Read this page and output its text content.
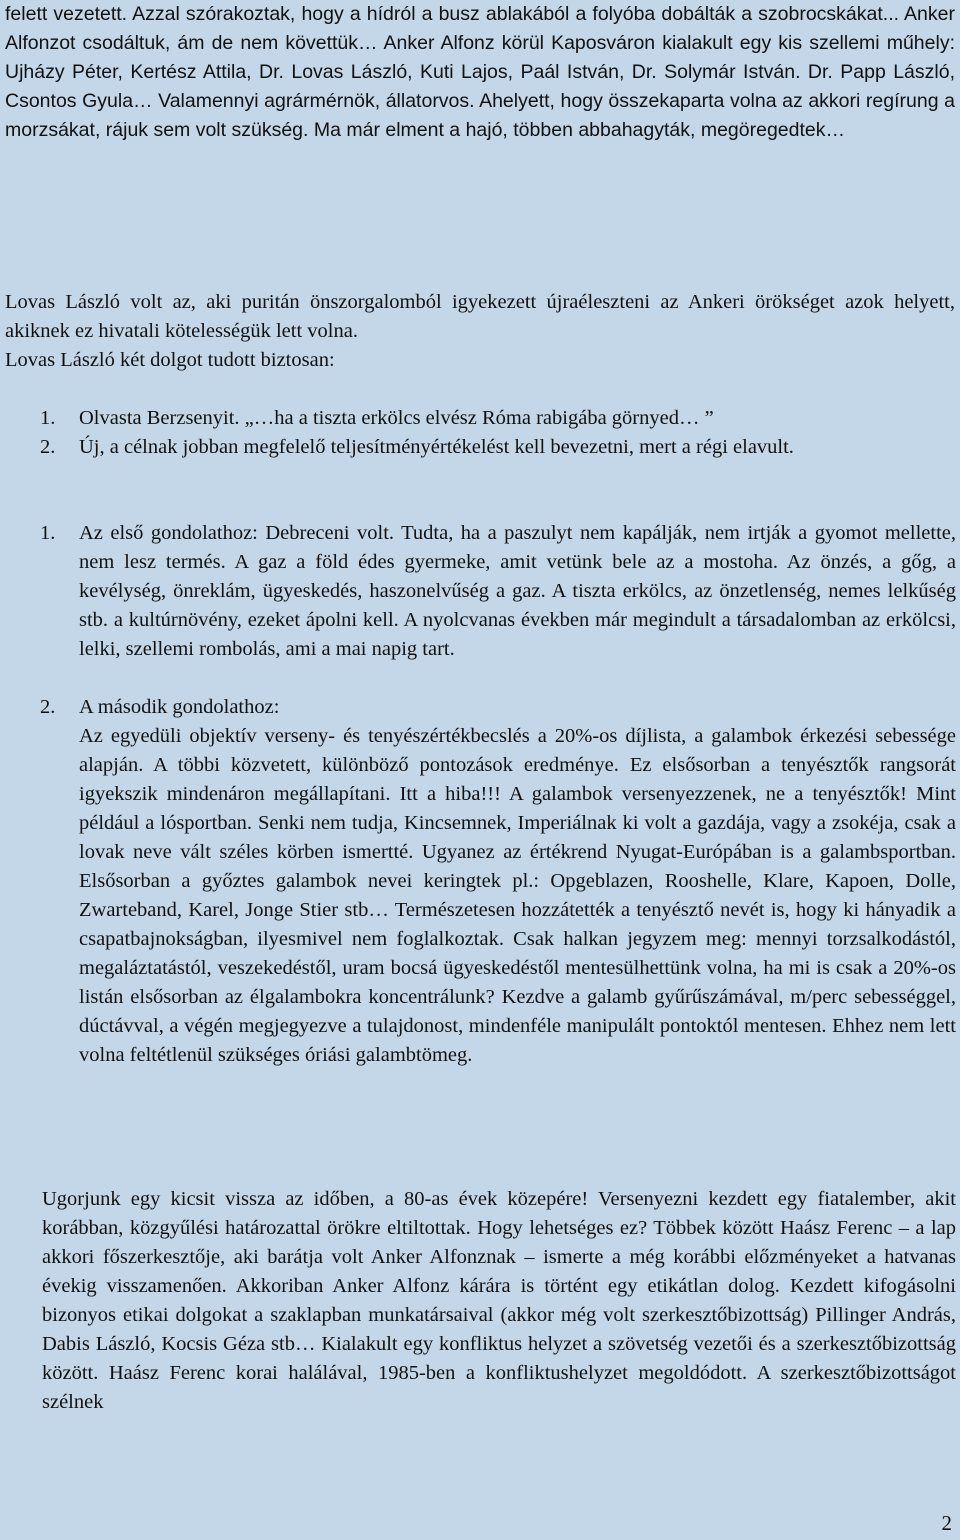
felett vezetett. Azzal szórakoztak, hogy a hídról a busz ablakából a folyóba dobálták a szobrocskákat... Anker Alfonzot csodáltuk, ám de nem követtük… Anker Alfonz körül Kaposváron kialakult egy kis szellemi műhely: Ujházy Péter, Kertész Attila, Dr. Lovas László, Kuti Lajos, Paál István, Dr. Solymár István. Dr. Papp László, Csontos Gyula… Valamennyi agrármérnök, állatorvos. Ahelyett, hogy összekaparta volna az akkori regírung a morzsákat, rájuk sem volt szükség. Ma már elment a hajó, többen abbahagyták, megöregedtek…
Lovas László volt az, aki puritán önszorgalomból igyekezett újraéleszteni az Ankeri örökséget azok helyett, akiknek ez hivatali kötelességük lett volna.
Lovas László két dolgot tudott biztosan:
1.	Olvasta Berzsenyit. „…ha a tiszta erkölcs elvész Róma rabigába görnyed… ”

2.	Új, a célnak jobban megfelelő teljesítményértékelést kell bevezetni, mert a régi elavult.

1.	Az első gondolathoz: Debreceni volt. Tudta, ha a paszulyt nem kapálják, nem irtják a gyomot mellette, nem lesz termés. A gaz a föld édes gyermeke, amit vetünk bele az a mostoha. Az önzés, a gőg, a kevélység, önreklám, ügyeskedés, haszonelvűség a gaz. A tiszta erkölcs, az önzetlenség, nemes lelkűség stb. a kultúrnövény, ezeket ápolni kell. A nyolcvanas években már megindult a társadalomban az erkölcsi, lelki, szellemi rombolás, ami a mai napig tart.

2.	A második gondolathoz:

Az egyedüli objektív verseny- és tenyészértékbecslés a 20%-os díjlista, a galambok érkezési sebessége alapján. A többi közvetett, különböző pontozások eredménye. Ez elsősorban a tenyésztők rangsorát igyekszik mindenáron megállapítani. Itt a hiba!!! A galambok versenyezzenek, ne a tenyésztők! Mint például a lósportban. Senki nem tudja, Kincsemnek, Imperiálnak ki volt a gazdája, vagy a zsokéja, csak a lovak neve vált széles körben ismertté. Ugyanez az értékrend Nyugat-Európában is a galambsportban. Elsősorban a győztes galambok nevei keringtek pl.: Opgeblazen, Rooshelle, Klare, Kapoen, Dolle, Zwarteband, Karel, Jonge Stier stb… Természetesen hozzátették a tenyésztő nevét is, hogy ki hányadik a csapatbajnokságban, ilyesmivel nem foglalkoztak. Csak halkan jegyzem meg: mennyi torzsalkodástól, megaláztatástól, veszekedéstől, uram bocsá ügyeskedéstől mentesülhettünk volna, ha mi is csak a 20%-os listán elsősorban az élgalambokra koncentrálunk? Kezdve a galamb gyűrűszámával, m/perc sebességgel, dúctávval, a végén megjegyezve a tulajdonost, mindenféle manipulált pontoktól mentesen. Ehhez nem lett volna feltétlenül szükséges óriási galambtömeg.

Ugorjunk egy kicsit vissza az időben, a 80-as évek közepére! Versenyezni kezdett egy fiatalember, akit korábban, közgyűlési határozattal örökre eltiltottak. Hogy lehetséges ez? Többek között Haász Ferenc – a lap akkori főszerkesztője, aki barátja volt Anker Alfonznak – ismerte a még korábbi előzményeket a hatvanas évekig visszamenően. Akkoriban Anker Alfonz kárára is történt egy etikátlan dolog. Kezdett kifogásolni bizonyos etikai dolgokat a szaklapban munkatársaival (akkor még volt szerkesztőbizottság) Pillinger András, Dabis László, Kocsis Géza stb… Kialakult egy konfliktus helyzet a szövetség vezetői és a szerkesztőbizottság között. Haász Ferenc korai halálával, 1985-ben a konfliktushelyzet megoldódott. A szerkesztőbizottságot szélnek
2
